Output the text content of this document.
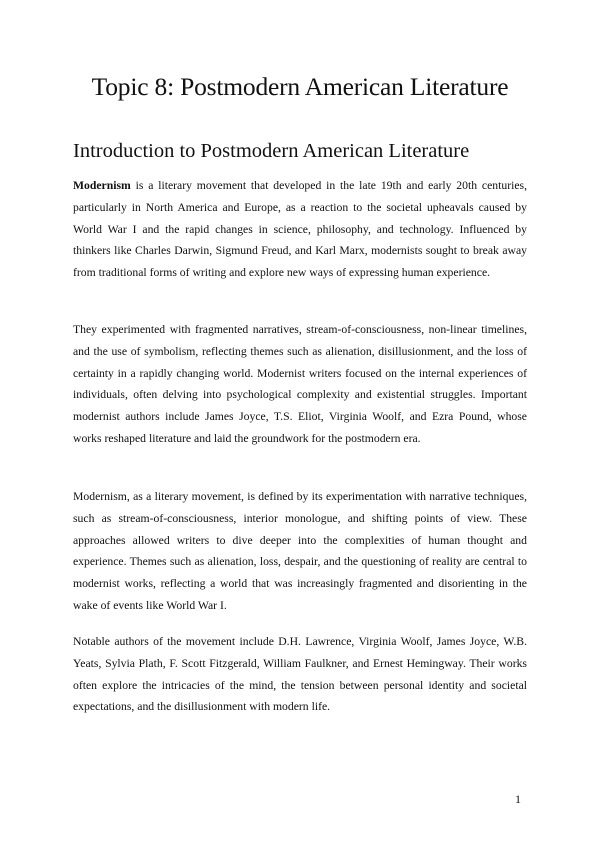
Topic 8: Postmodern American Literature
Introduction to Postmodern American Literature

Modernism is a literary movement that developed in the late 19th and early 20th centuries, particularly in North America and Europe, as a reaction to the societal upheavals caused by World War I and the rapid changes in science, philosophy, and technology. Influenced by thinkers like Charles Darwin, Sigmund Freud, and Karl Marx, modernists sought to break away from traditional forms of writing and explore new ways of expressing human experience.

They experimented with fragmented narratives, stream-of-consciousness, non-linear timelines, and the use of symbolism, reflecting themes such as alienation, disillusionment, and the loss of certainty in a rapidly changing world. Modernist writers focused on the internal experiences of individuals, often delving into psychological complexity and existential struggles. Important modernist authors include James Joyce, T.S. Eliot, Virginia Woolf, and Ezra Pound, whose works reshaped literature and laid the groundwork for the postmodern era.

Modernism, as a literary movement, is defined by its experimentation with narrative techniques, such as stream-of-consciousness, interior monologue, and shifting points of view. These approaches allowed writers to dive deeper into the complexities of human thought and experience. Themes such as alienation, loss, despair, and the questioning of reality are central to modernist works, reflecting a world that was increasingly fragmented and disorienting in the wake of events like World War I.

Notable authors of the movement include D.H. Lawrence, Virginia Woolf, James Joyce, W.B. Yeats, Sylvia Plath, F. Scott Fitzgerald, William Faulkner, and Ernest Hemingway. Their works often explore the intricacies of the mind, the tension between personal identity and societal expectations, and the disillusionment with modern life.

1
